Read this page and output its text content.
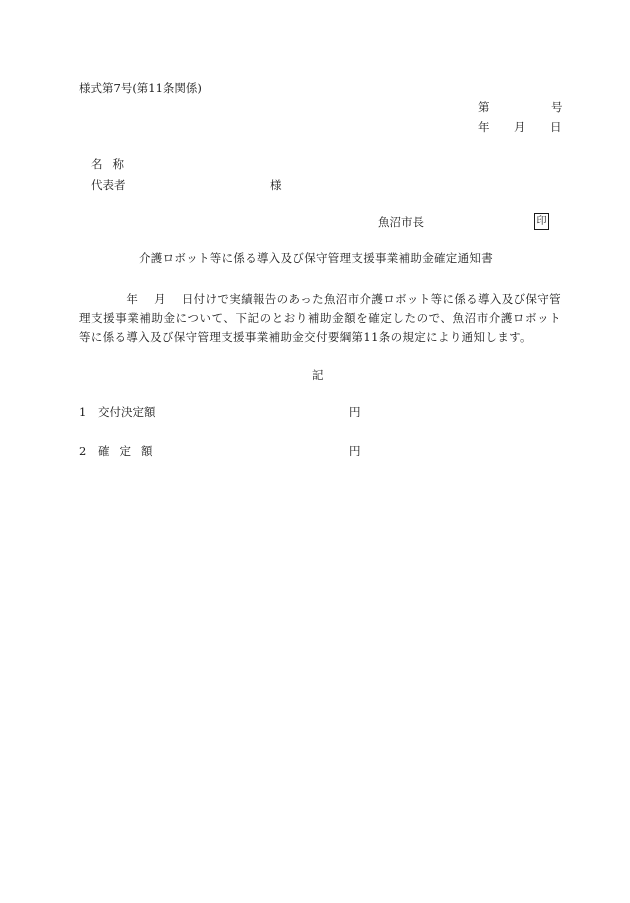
様式第7号(第11条関係)
第	号
年 月 日
名称
代表者	様
魚沼市長	印
介護ロボット等に係る導入及び保守管理支援事業補助金確定通知書
　　　　年　 月　 日付けで実績報告のあった魚沼市介護ロボット等に係る導入及び保守管理支援事業補助金について、下記のとおり補助金額を確定したので、魚沼市介護ロボット等に係る導入及び保守管理支援事業補助金交付要綱第11条の規定により通知します。
記
1 交付決定額	円
2 確定額	円
